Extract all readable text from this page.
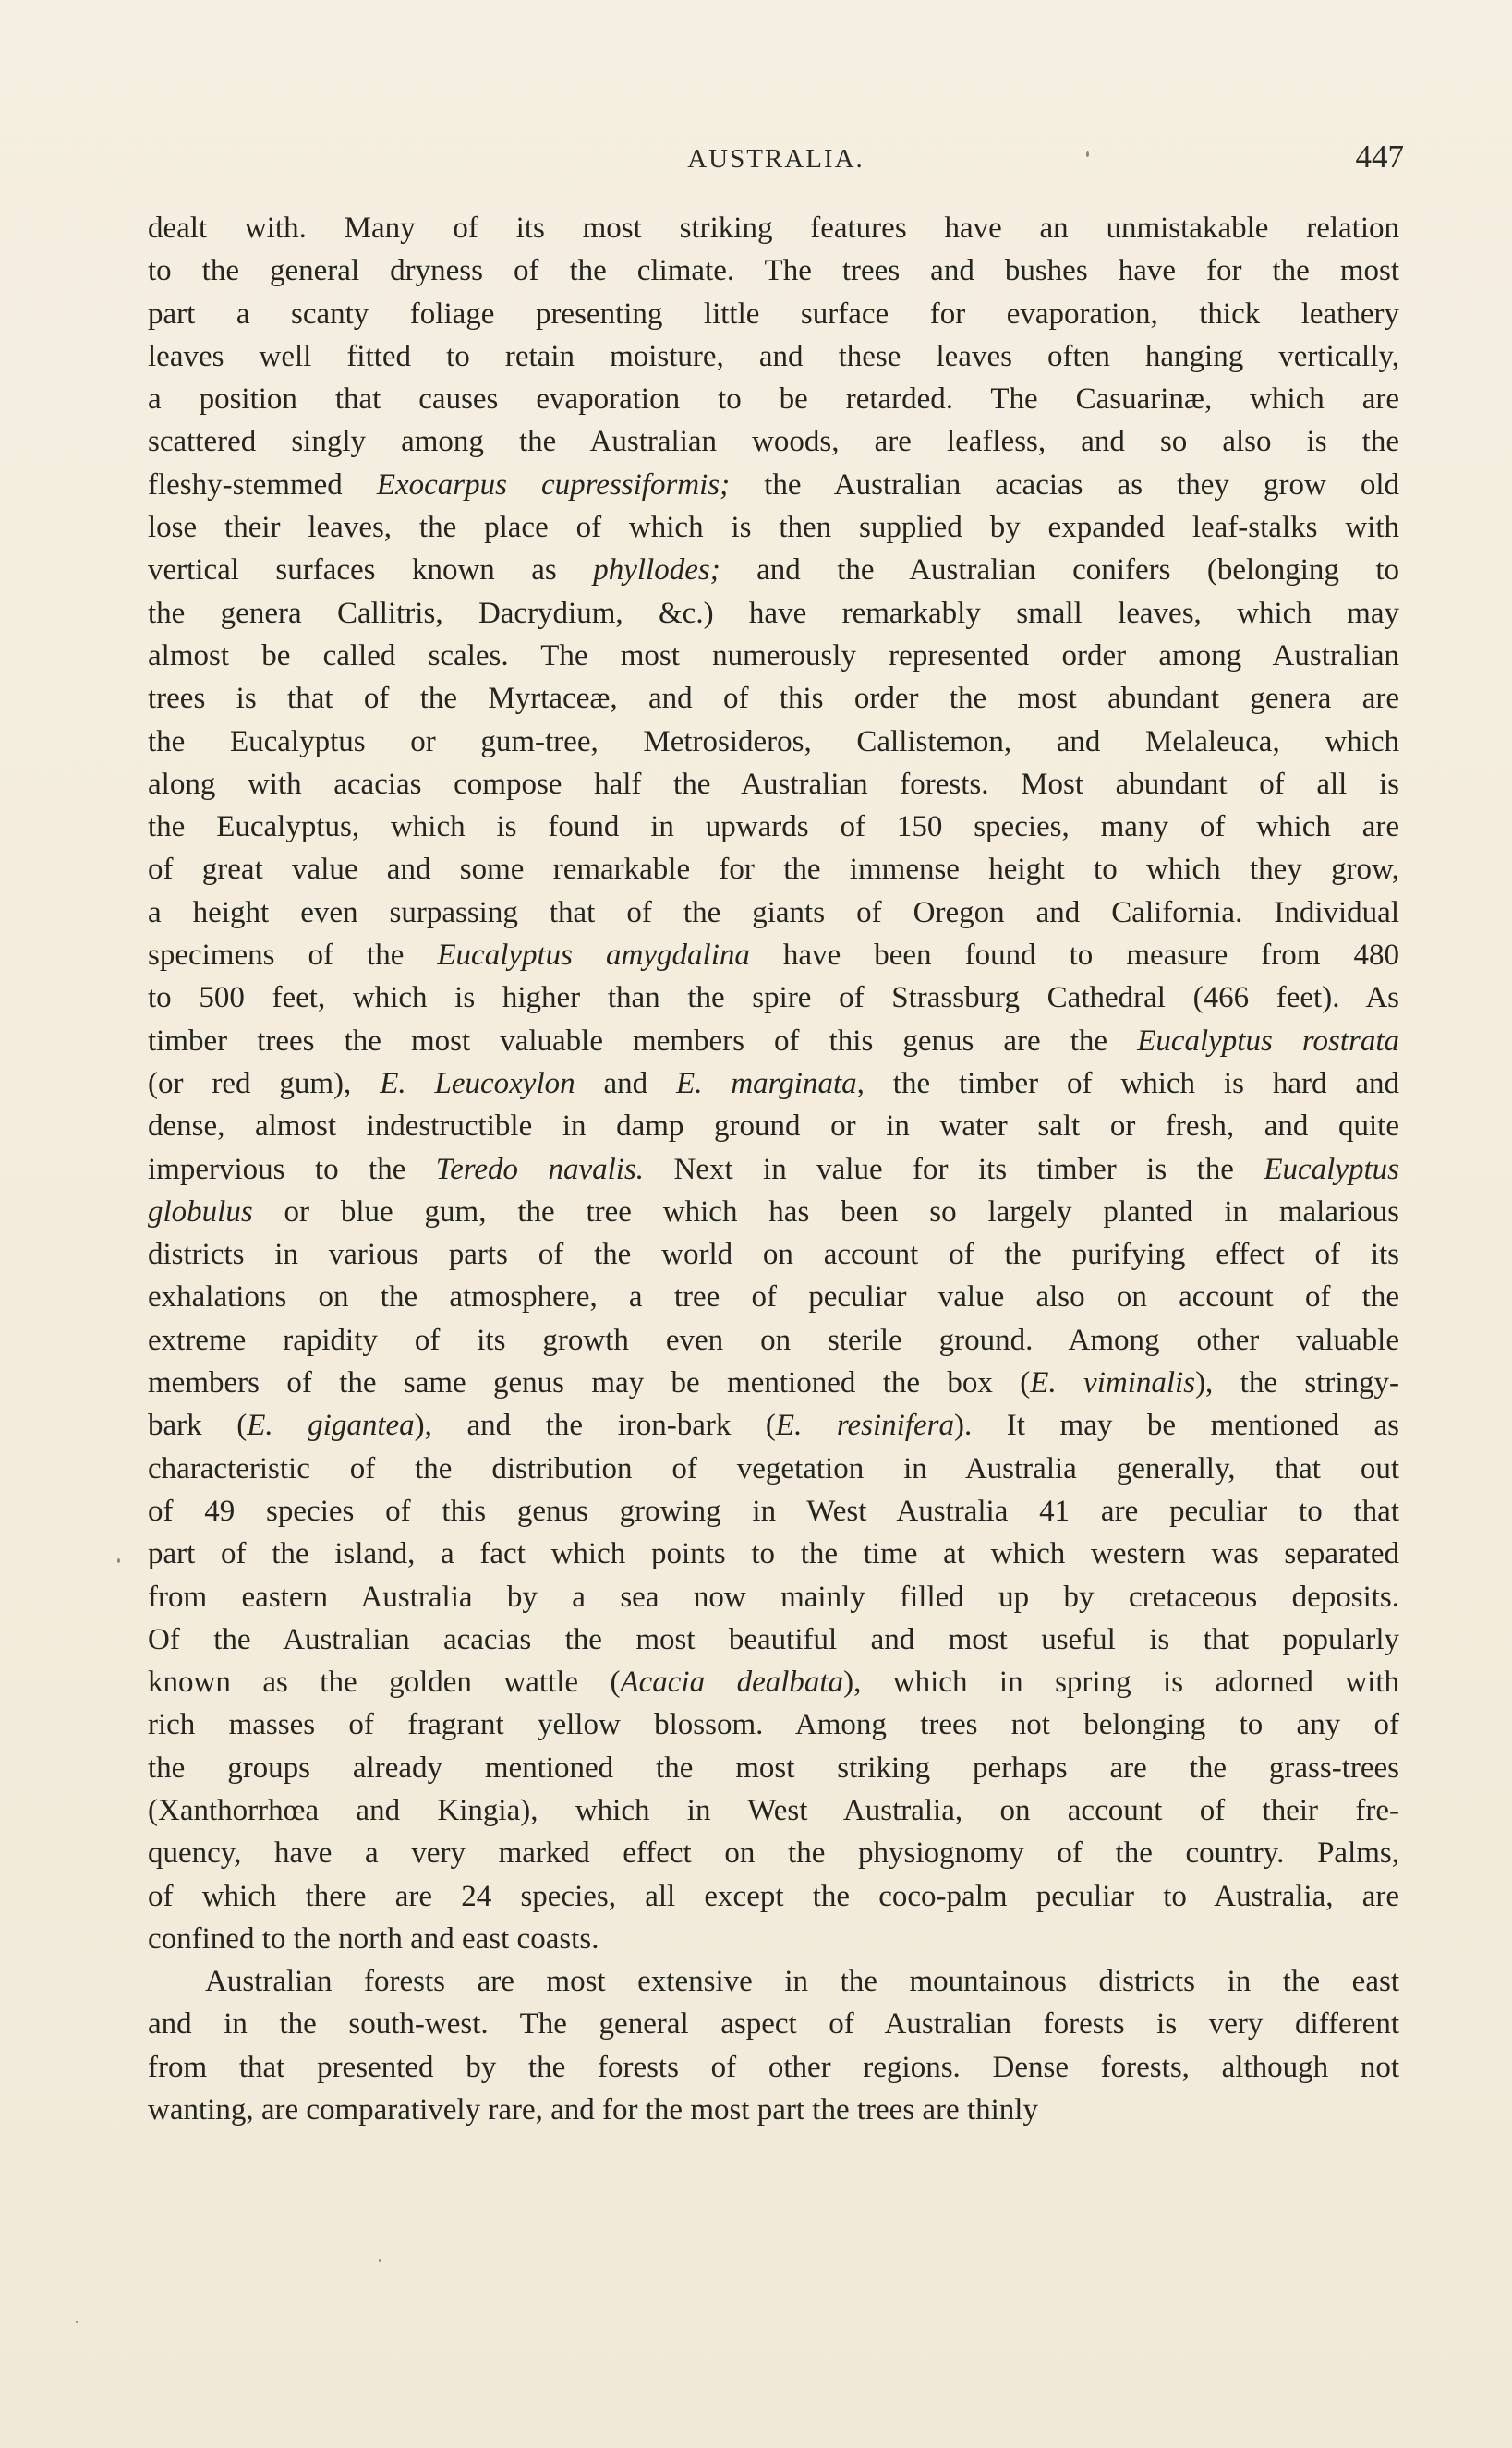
AUSTRALIA.	447
dealt with. Many of its most striking features have an unmistakable relation
to the general dryness of the climate. The trees and bushes have for the most
part a scanty foliage presenting little surface for evaporation, thick leathery
leaves well fitted to retain moisture, and these leaves often hanging vertically,
a position that causes evaporation to be retarded. The Casuarinæ, which are
scattered singly among the Australian woods, are leafless, and so also is the
fleshy-stemmed Exocarpus cupressiformis; the Australian acacias as they grow old
lose their leaves, the place of which is then supplied by expanded leaf-stalks with
vertical surfaces known as phyllodes; and the Australian conifers (belonging to
the genera Callitris, Dacrydium, &c.) have remarkably small leaves, which may
almost be called scales. The most numerously represented order among Australian
trees is that of the Myrtaceæ, and of this order the most abundant genera are
the Eucalyptus or gum-tree, Metrosideros, Callistemon, and Melaleuca, which
along with acacias compose half the Australian forests. Most abundant of all is
the Eucalyptus, which is found in upwards of 150 species, many of which are
of great value and some remarkable for the immense height to which they grow,
a height even surpassing that of the giants of Oregon and California. Individual
specimens of the Eucalyptus amygdalina have been found to measure from 480
to 500 feet, which is higher than the spire of Strassburg Cathedral (466 feet). As
timber trees the most valuable members of this genus are the Eucalyptus rostrata
(or red gum), E. Leucoxylon and E. marginata, the timber of which is hard and
dense, almost indestructible in damp ground or in water salt or fresh, and quite
impervious to the Teredo navalis. Next in value for its timber is the Eucalyptus
globulus or blue gum, the tree which has been so largely planted in malarious
districts in various parts of the world on account of the purifying effect of its
exhalations on the atmosphere, a tree of peculiar value also on account of the
extreme rapidity of its growth even on sterile ground. Among other valuable
members of the same genus may be mentioned the box (E. viminalis), the stringy-
bark (E. gigantea), and the iron-bark (E. resinifera). It may be mentioned as
characteristic of the distribution of vegetation in Australia generally, that out
of 49 species of this genus growing in West Australia 41 are peculiar to that
part of the island, a fact which points to the time at which western was separated
from eastern Australia by a sea now mainly filled up by cretaceous deposits.
Of the Australian acacias the most beautiful and most useful is that popularly
known as the golden wattle (Acacia dealbata), which in spring is adorned with
rich masses of fragrant yellow blossom. Among trees not belonging to any of
the groups already mentioned the most striking perhaps are the grass-trees
(Xanthorrhœa and Kingia), which in West Australia, on account of their fre-
quency, have a very marked effect on the physiognomy of the country. Palms,
of which there are 24 species, all except the coco-palm peculiar to Australia, are
confined to the north and east coasts.
Australian forests are most extensive in the mountainous districts in the east
and in the south-west. The general aspect of Australian forests is very different
from that presented by the forests of other regions. Dense forests, although not
wanting, are comparatively rare, and for the most part the trees are thinly
